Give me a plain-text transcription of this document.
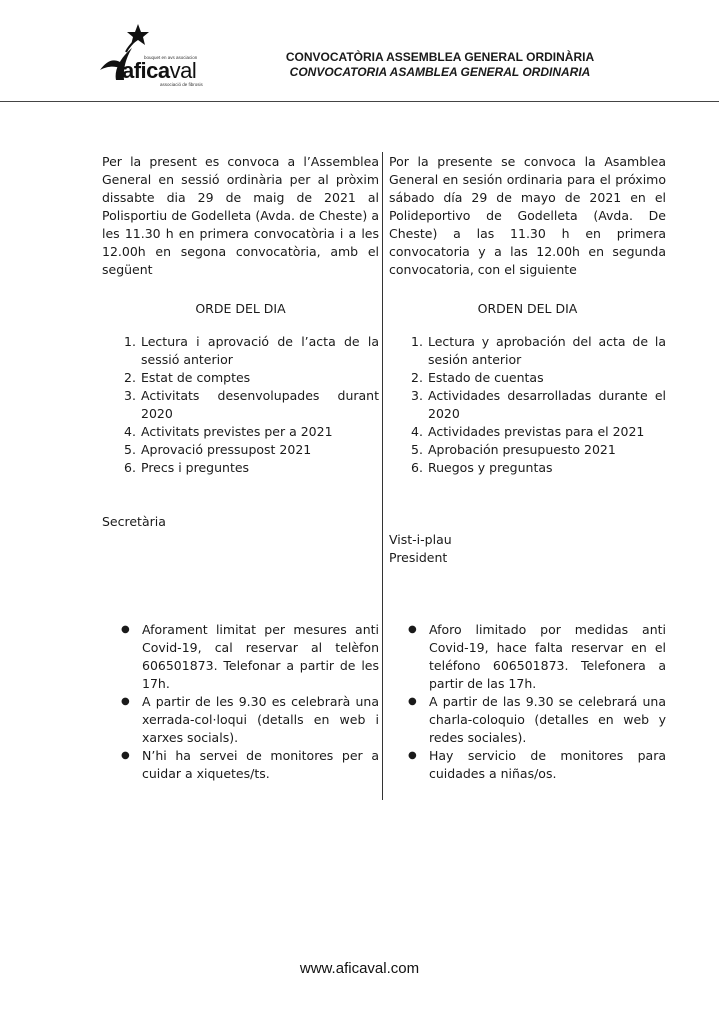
bouquet en avs asociacion
aficaval
associació de fibrosis
CONVOCATÒRIA ASSEMBLEA GENERAL ORDINÀRIA
CONVOCATORIA ASAMBLEA GENERAL ORDINARIA

Per la present es convoca a l’Assemblea General en sessió ordinària per al pròxim dissabte dia 29 de maig de 2021 al Polisportiu de Godelleta (Avda. de Cheste) a les 11.30 h en primera convocatòria i a les 12.00h en segona convocatòria, amb el següent

ORDE DEL DIA

1. Lectura i aprovació de l’acta de la sessió anterior
2. Estat de comptes
3. Activitats desenvolupades durant 2020
4. Activitats previstes per a 2021
5. Aprovació pressupost 2021
6. Precs i preguntes
● Aforament limitat per mesures anti Covid-19, cal reservar al telèfon 606501873. Telefonar a partir de les 17h.
● A partir de les 9.30 es celebrarà una xerrada-col·loqui (detalls en web i xarxes socials).
● N’hi ha servei de monitores per a cuidar a xiquetes/ts.
Secretària

Por la presente se convoca la Asamblea General en sesión ordinaria para el próximo sábado día 29 de mayo de 2021 en el Polideportivo de Godelleta (Avda. De Cheste) a las 11.30 h en primera convocatoria y a las 12.00h en segunda convocatoria, con el siguiente

ORDEN DEL DIA

1. Lectura y aprobación del acta de la sesión anterior
2. Estado de cuentas
3. Actividades desarrolladas durante el 2020
4. Actividades previstas para el 2021
5. Aprobación presupuesto 2021
6. Ruegos y preguntas
● Aforo limitado por medidas anti Covid-19, hace falta reservar en el teléfono 606501873. Telefonera a partir de las 17h.
● A partir de las 9.30 se celebrará una charla-coloquio (detalles en web y redes sociales).
● Hay servicio de monitores para cuidades a niñas/os.
Vist-i-plau
President
www.aficaval.com
